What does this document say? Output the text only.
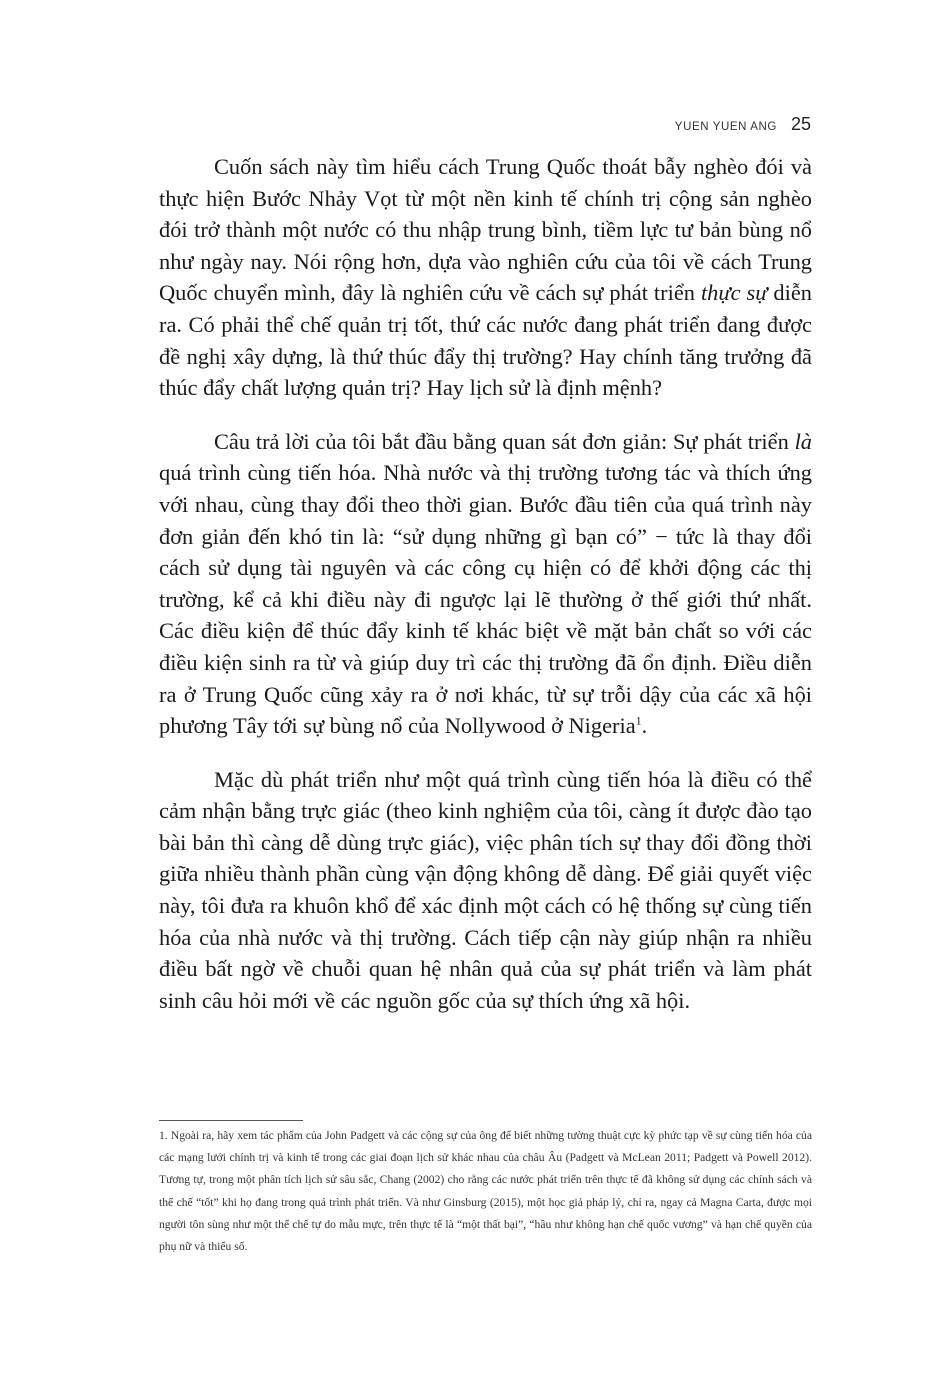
YUEN YUEN ANG 25

Cuốn sách này tìm hiểu cách Trung Quốc thoát bẫy nghèo đói và thực hiện Bước Nhảy Vọt từ một nền kinh tế chính trị cộng sản nghèo đói trở thành một nước có thu nhập trung bình, tiềm lực tư bản bùng nổ như ngày nay. Nói rộng hơn, dựa vào nghiên cứu của tôi về cách Trung Quốc chuyển mình, đây là nghiên cứu về cách sự phát triển thực sự diễn ra. Có phải thể chế quản trị tốt, thứ các nước đang phát triển đang được đề nghị xây dựng, là thứ thúc đẩy thị trường? Hay chính tăng trưởng đã thúc đẩy chất lượng quản trị? Hay lịch sử là định mệnh?

Câu trả lời của tôi bắt đầu bằng quan sát đơn giản: Sự phát triển là quá trình cùng tiến hóa. Nhà nước và thị trường tương tác và thích ứng với nhau, cùng thay đổi theo thời gian. Bước đầu tiên của quá trình này đơn giản đến khó tin là: “sử dụng những gì bạn có” − tức là thay đổi cách sử dụng tài nguyên và các công cụ hiện có để khởi động các thị trường, kể cả khi điều này đi ngược lại lẽ thường ở thế giới thứ nhất. Các điều kiện để thúc đẩy kinh tế khác biệt về mặt bản chất so với các điều kiện sinh ra từ và giúp duy trì các thị trường đã ổn định. Điều diễn ra ở Trung Quốc cũng xảy ra ở nơi khác, từ sự trỗi dậy của các xã hội phương Tây tới sự bùng nổ của Nollywood ở Nigeria$^1$.

Mặc dù phát triển như một quá trình cùng tiến hóa là điều có thể cảm nhận bằng trực giác (theo kinh nghiệm của tôi, càng ít được đào tạo bài bản thì càng dễ dùng trực giác), việc phân tích sự thay đổi đồng thời giữa nhiều thành phần cùng vận động không dễ dàng. Để giải quyết việc này, tôi đưa ra khuôn khổ để xác định một cách có hệ thống sự cùng tiến hóa của nhà nước và thị trường. Cách tiếp cận này giúp nhận ra nhiều điều bất ngờ về chuỗi quan hệ nhân quả của sự phát triển và làm phát sinh câu hỏi mới về các nguồn gốc của sự thích ứng xã hội.

1. Ngoài ra, hãy xem tác phẩm của John Padgett và các cộng sự của ông để biết những tường thuật cực kỳ phức tạp về sự cùng tiến hóa của các mạng lưới chính trị và kinh tế trong các giai đoạn lịch sử khác nhau của châu Âu (Padgett và McLean 2011; Padgett và Powell 2012). Tương tự, trong một phân tích lịch sử sâu sắc, Chang (2002) cho rằng các nước phát triển trên thực tế đã không sử dụng các chính sách và thể chế “tốt” khi họ đang trong quá trình phát triển. Và như Ginsburg (2015), một học giả pháp lý, chỉ ra, ngay cả Magna Carta, được mọi người tôn sùng như một thể chế tự do mẫu mực, trên thực tế là “một thất bại”, “hầu như không hạn chế quốc vương” và hạn chế quyền của phụ nữ và thiểu số.
